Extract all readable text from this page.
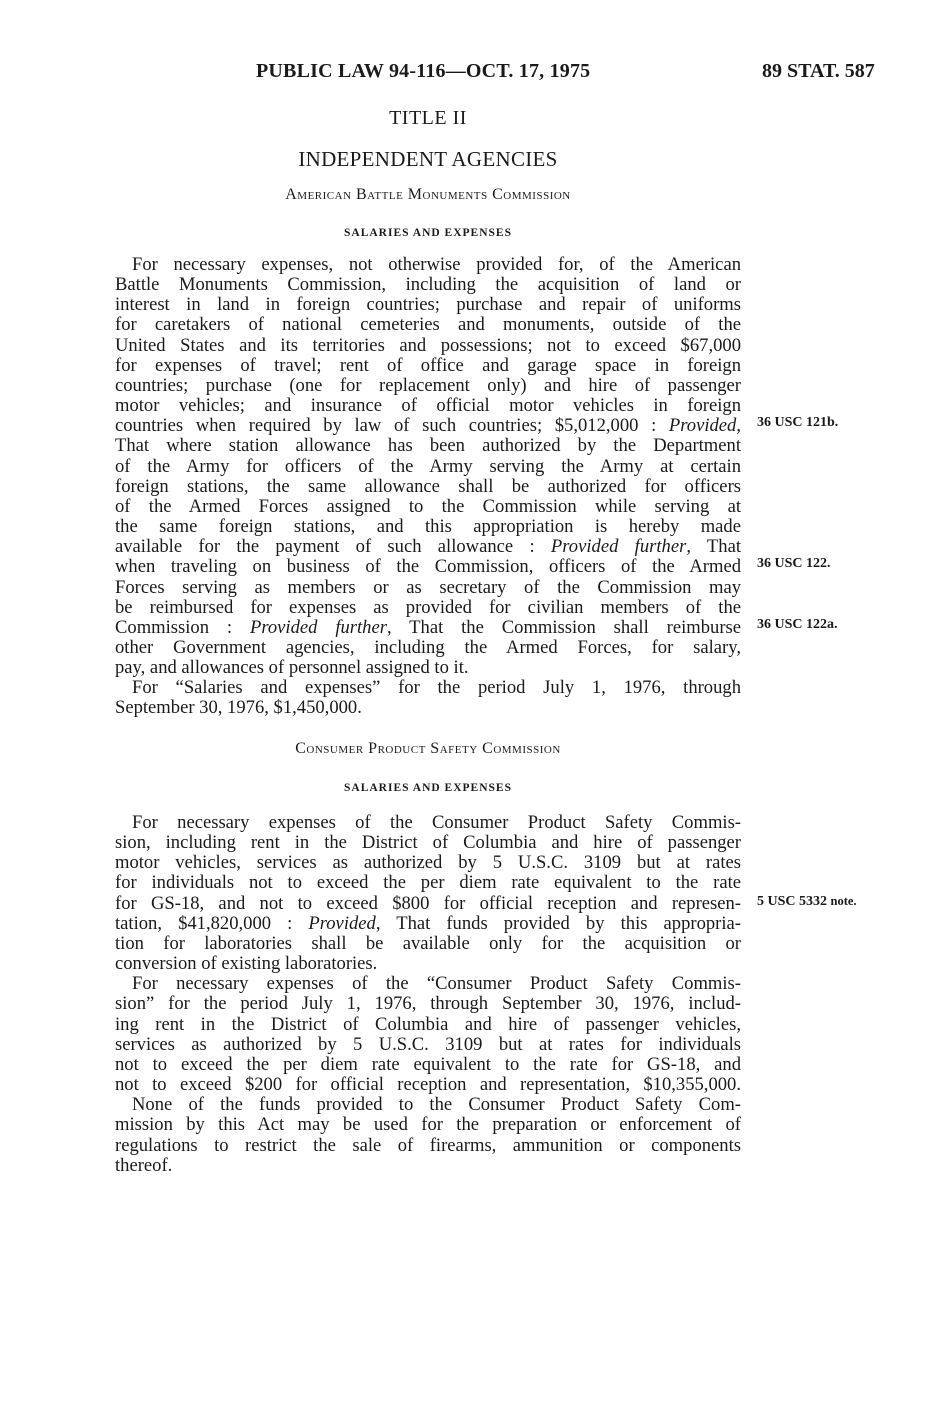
PUBLIC LAW 94-116—OCT. 17, 1975	89 STAT. 587
TITLE II
INDEPENDENT AGENCIES
American Battle Monuments Commission
SALARIES AND EXPENSES

For necessary expenses, not otherwise provided for, of the American
Battle Monuments Commission, including the acquisition of land or
interest in land in foreign countries; purchase and repair of uniforms
for caretakers of national cemeteries and monuments, outside of the
United States and its territories and possessions; not to exceed $67,000
for expenses of travel; rent of office and garage space in foreign
countries; purchase (one for replacement only) and hire of passenger
motor vehicles; and insurance of official motor vehicles in foreign
countries when required by law of such countries; $5,012,000 : Provided,
That where station allowance has been authorized by the Department
of the Army for officers of the Army serving the Army at certain
foreign stations, the same allowance shall be authorized for officers
of the Armed Forces assigned to the Commission while serving at
the same foreign stations, and this appropriation is hereby made
available for the payment of such allowance : Provided further, That
when traveling on business of the Commission, officers of the Armed
Forces serving as members or as secretary of the Commission may
be reimbursed for expenses as provided for civilian members of the
Commission : Provided further, That the Commission shall reimburse
other Government agencies, including the Armed Forces, for salary,
pay, and allowances of personnel assigned to it.

For “Salaries and expenses” for the period July 1, 1976, through
September 30, 1976, $1,450,000.

Consumer Product Safety Commission
SALARIES AND EXPENSES

For necessary expenses of the Consumer Product Safety Commis-
sion, including rent in the District of Columbia and hire of passenger
motor vehicles, services as authorized by 5 U.S.C. 3109 but at rates
for individuals not to exceed the per diem rate equivalent to the rate
for GS-18, and not to exceed $800 for official reception and represen-
tation, $41,820,000 : Provided, That funds provided by this appropria-
tion for laboratories shall be available only for the acquisition or
conversion of existing laboratories.

For necessary expenses of the “Consumer Product Safety Commis-
sion” for the period July 1, 1976, through September 30, 1976, includ-
ing rent in the District of Columbia and hire of passenger vehicles,
services as authorized by 5 U.S.C. 3109 but at rates for individuals
not to exceed the per diem rate equivalent to the rate for GS-18, and
not to exceed $200 for official reception and representation, $10,355,000.

None of the funds provided to the Consumer Product Safety Com-
mission by this Act may be used for the preparation or enforcement of
regulations to restrict the sale of firearms, ammunition or components
thereof.

36 USC 121b.
36 USC 122.
36 USC 122a.
5 USC 5332 note.
